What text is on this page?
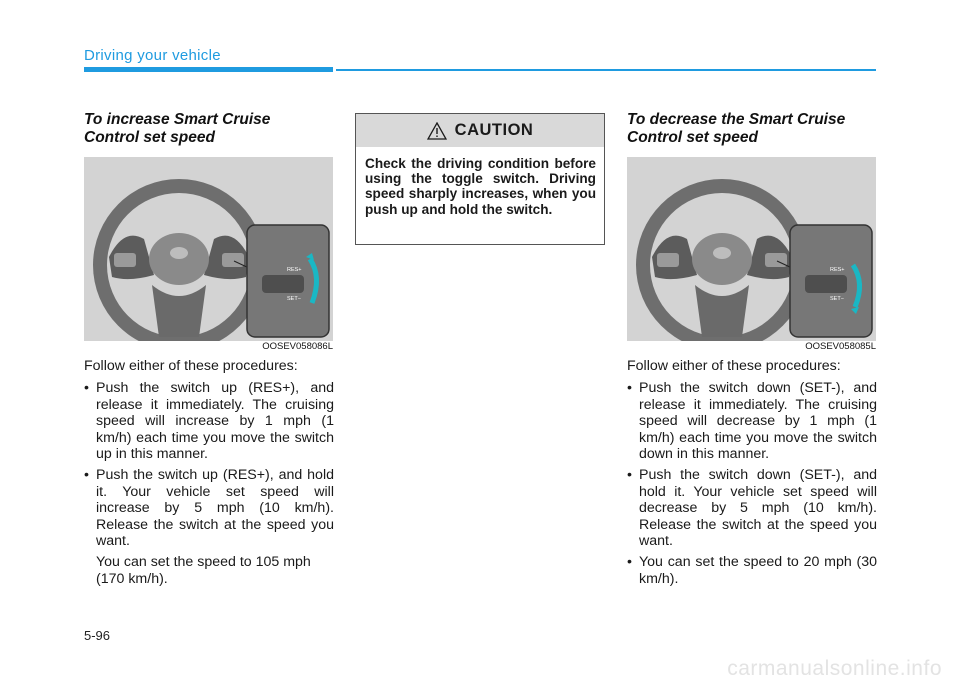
Driving your vehicle
To increase Smart Cruise
Control set speed
RES+
SET−
OOSEV058086L

Follow either of these procedures:

• Push the switch up (RES+), and release it immediately. The cruising speed will increase by 1 mph (1 km/h) each time you move the switch up in this manner.
• Push the switch up (RES+), and hold it. Your vehicle set speed will increase by 5 mph (10 km/h). Release the switch at the speed you want.

You can set the speed to 105 mph (170 km/h).

CAUTION
Check the driving condition before using the toggle switch. Driving speed sharply increases, when you push up and hold the switch.
To decrease the Smart Cruise
Control set speed
RES+
SET−
OOSEV058085L

Follow either of these procedures:

• Push the switch down (SET-), and release it immediately. The cruising speed will decrease by 1 mph (1 km/h) each time you move the switch down in this manner.
• Push the switch down (SET-), and hold it. Your vehicle set speed will decrease by 5 mph (10 km/h). Release the switch at the speed you want.
• You can set the speed to 20 mph (30 km/h).
5-96
carmanualsonline.info
